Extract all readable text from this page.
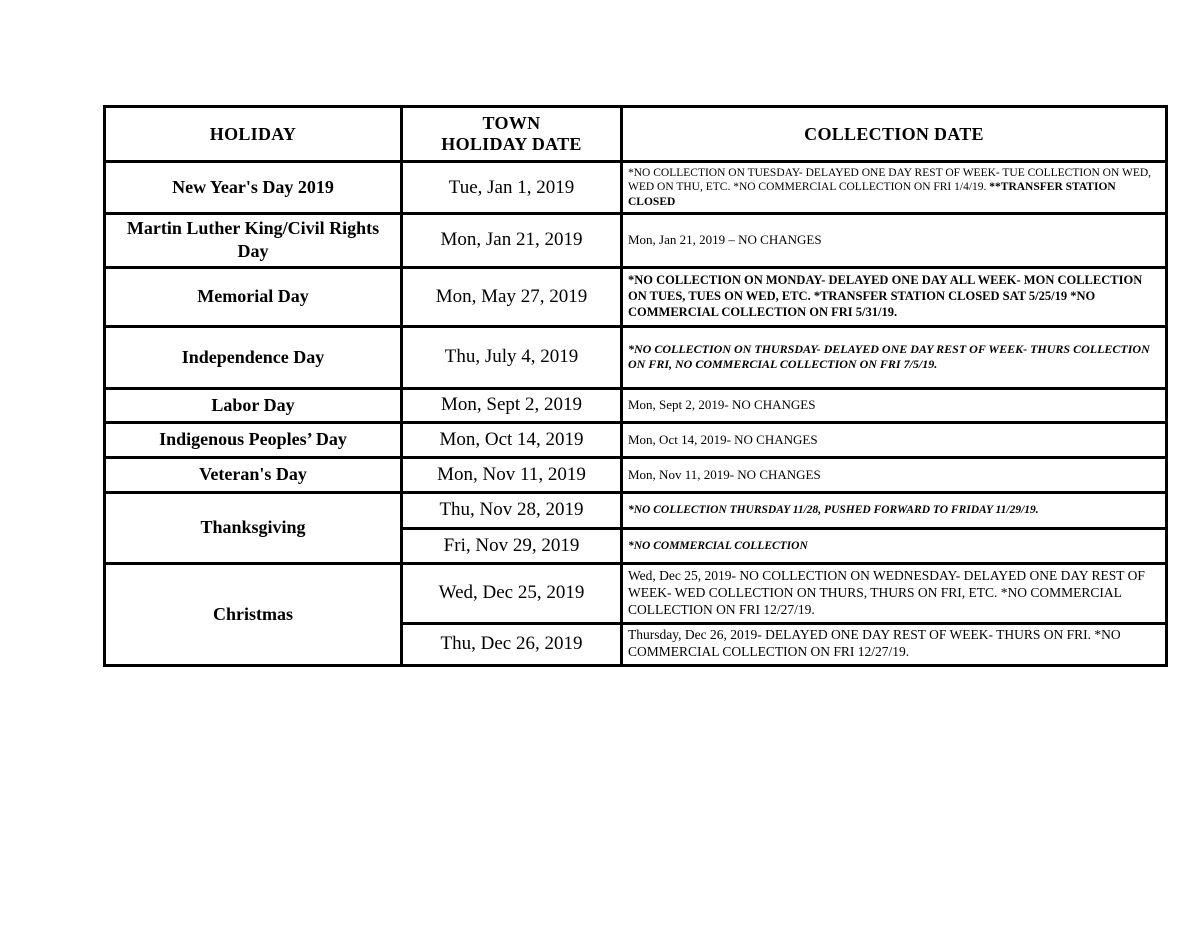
HOLIDAY	TOWN HOLIDAY DATE	COLLECTION DATE
New Year's Day 2019	Tue, Jan 1, 2019	*NO COLLECTION ON TUESDAY- DELAYED ONE DAY REST OF WEEK- TUE COLLECTION ON WED, WED ON THU, ETC. *NO COMMERCIAL COLLECTION ON FRI 1/4/19. **TRANSFER STATION CLOSED
Martin Luther King/Civil Rights Day	Mon, Jan 21, 2019	Mon, Jan 21, 2019 – NO CHANGES
Memorial Day	Mon, May 27, 2019	*NO COLLECTION ON MONDAY- DELAYED ONE DAY ALL WEEK- MON COLLECTION ON TUES, TUES ON WED, ETC. *TRANSFER STATION CLOSED SAT 5/25/19 *NO COMMERCIAL COLLECTION ON FRI 5/31/19.
Independence Day	Thu, July 4, 2019	*NO COLLECTION ON THURSDAY- DELAYED ONE DAY REST OF WEEK- THURS COLLECTION ON FRI, NO COMMERCIAL COLLECTION ON FRI 7/5/19.
Labor Day	Mon, Sept 2, 2019	Mon, Sept 2, 2019- NO CHANGES
Indigenous Peoples’ Day	Mon, Oct 14, 2019	Mon, Oct 14, 2019- NO CHANGES
Veteran's Day	Mon, Nov 11, 2019	Mon, Nov 11, 2019- NO CHANGES
Thanksgiving	Thu, Nov 28, 2019	*NO COLLECTION THURSDAY 11/28, PUSHED FORWARD TO FRIDAY 11/29/19.
	Fri, Nov 29, 2019	*NO COMMERCIAL COLLECTION
Christmas	Wed, Dec 25, 2019	Wed, Dec 25, 2019- NO COLLECTION ON WEDNESDAY- DELAYED ONE DAY REST OF WEEK- WED COLLECTION ON THURS, THURS ON FRI, ETC. *NO COMMERCIAL COLLECTION ON FRI 12/27/19.
	Thu, Dec 26, 2019	Thursday, Dec 26, 2019- DELAYED ONE DAY REST OF WEEK- THURS ON FRI. *NO COMMERCIAL COLLECTION ON FRI 12/27/19.
